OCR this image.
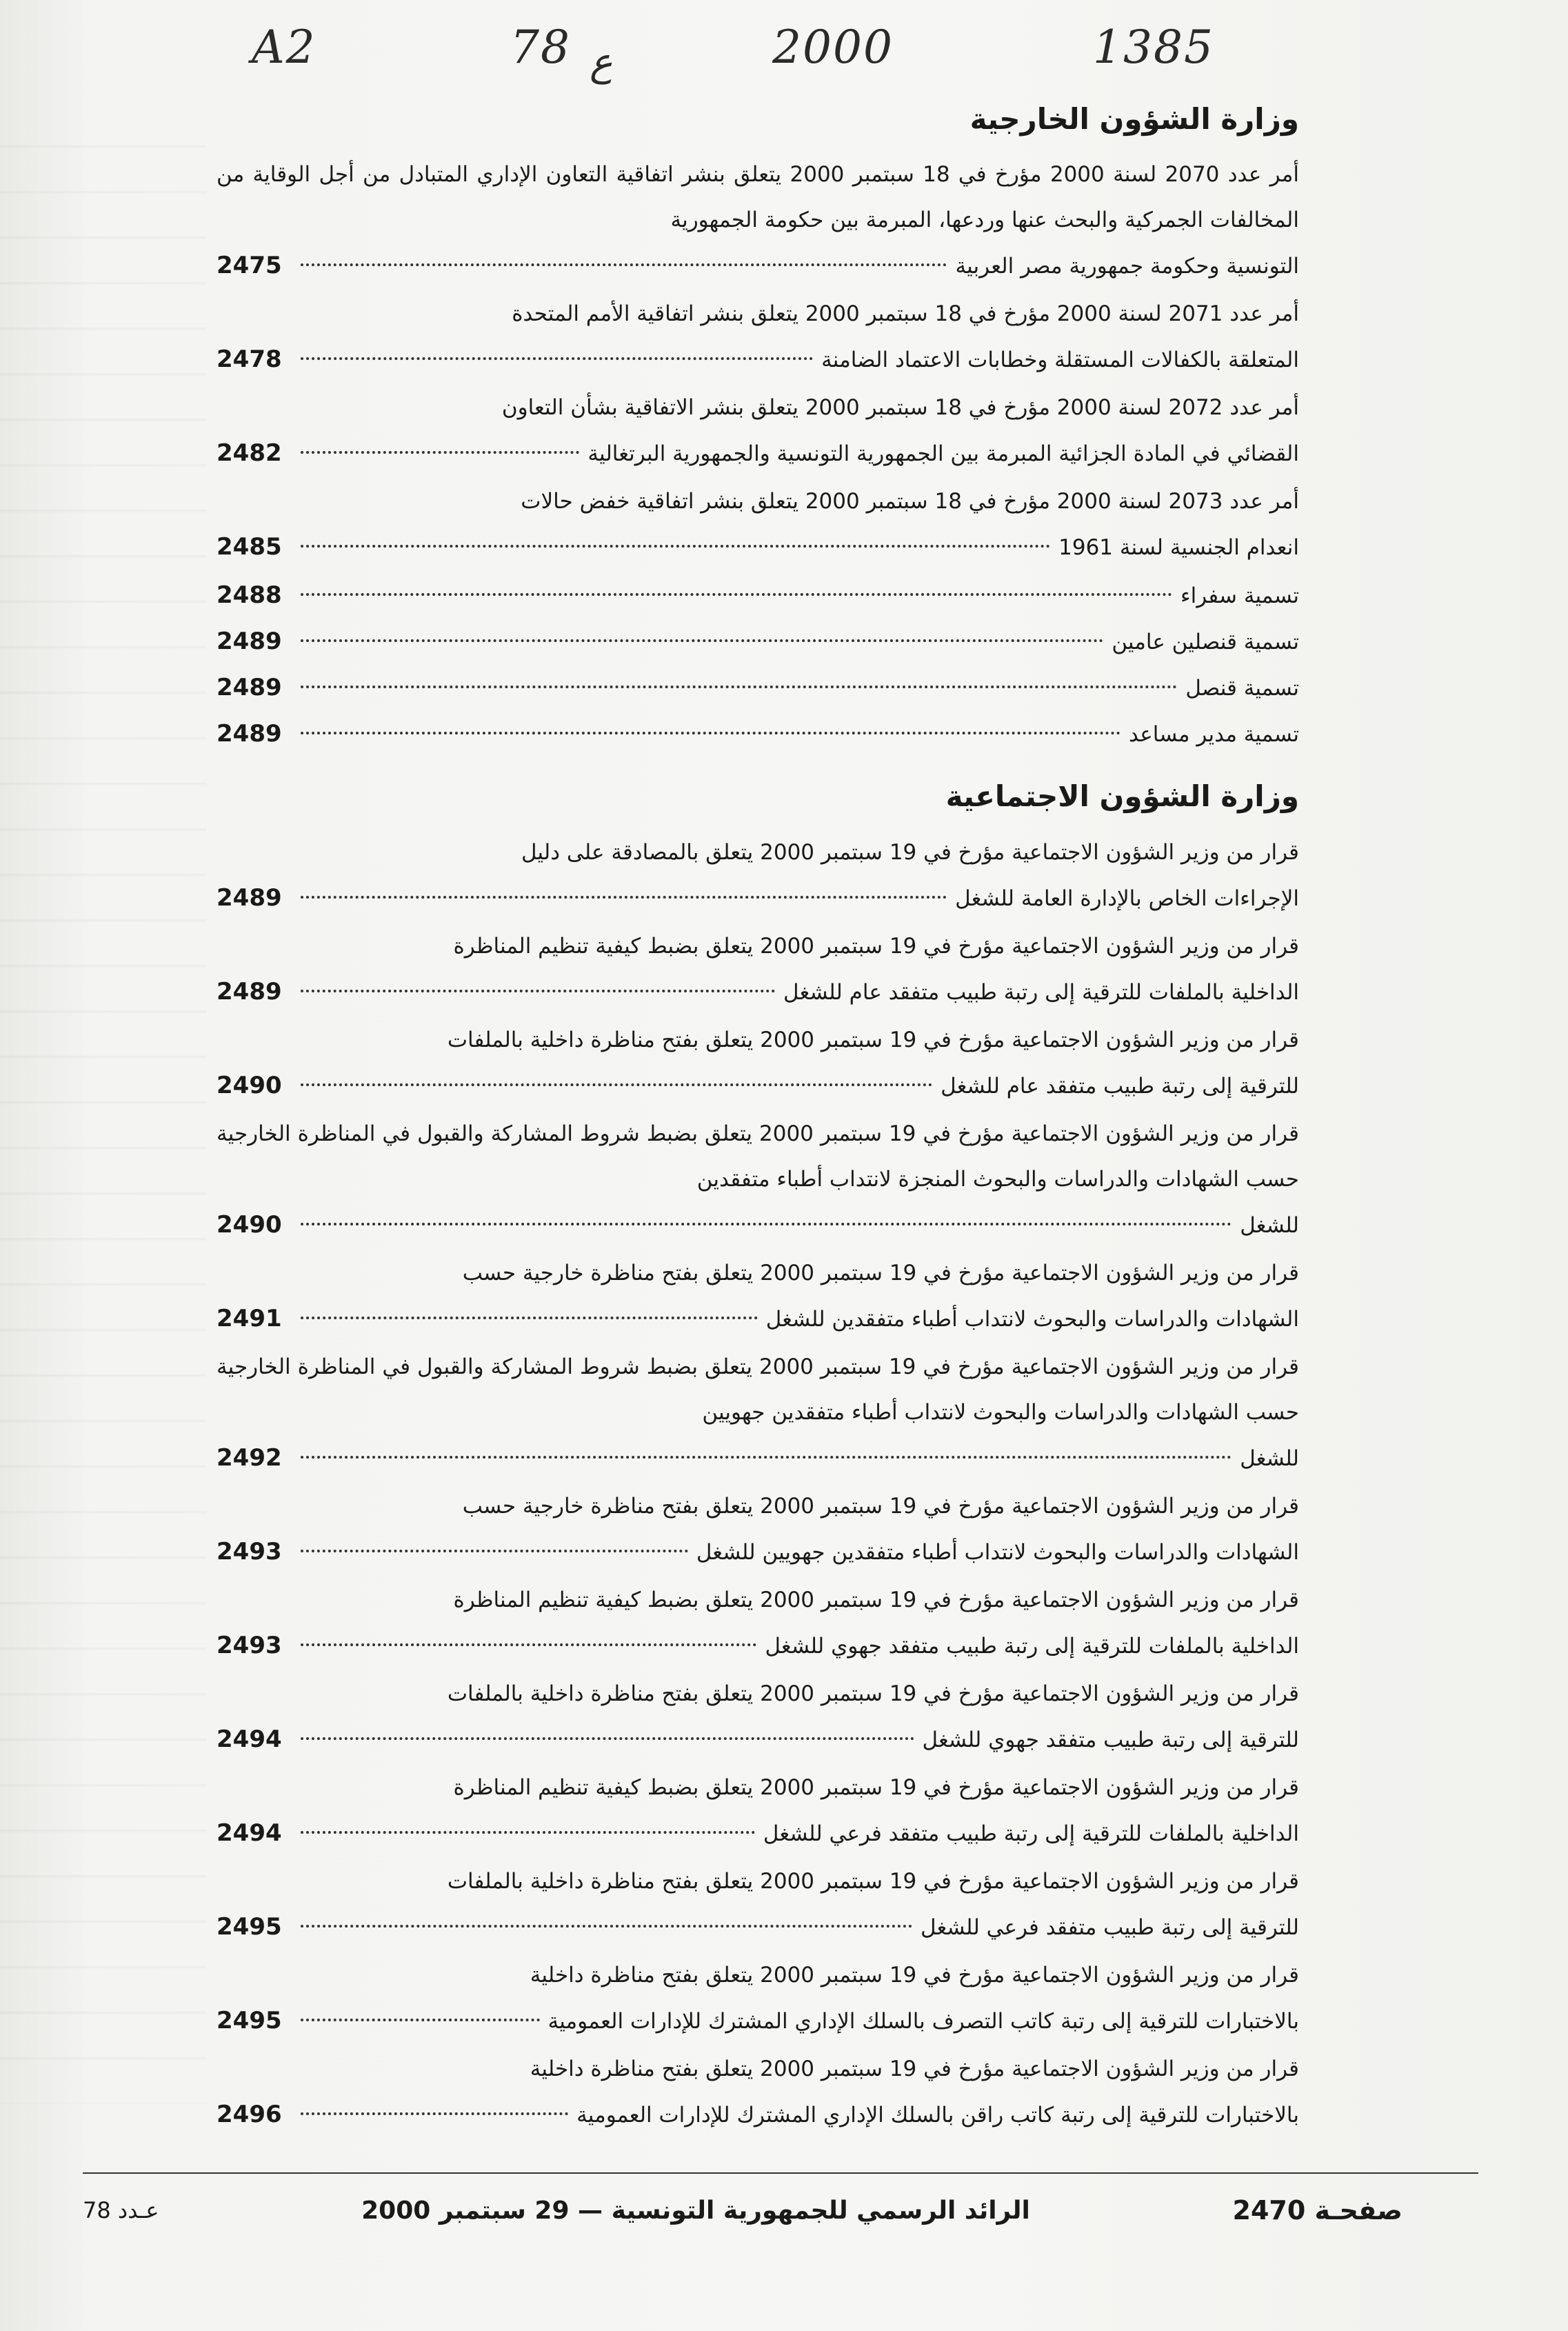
A2	78 ع	2000	1385
وزارة الشؤون الخارجية
أمر عدد 2070 لسنة 2000 مؤرخ في 18 سبتمبر 2000 يتعلق بنشر اتفاقية التعاون الإداري المتبادل من أجل الوقاية من المخالفات الجمركية والبحث عنها وردعها، المبرمة بين حكومة الجمهورية
التونسية وحكومة جمهورية مصر العربية
2475
أمر عدد 2071 لسنة 2000 مؤرخ في 18 سبتمبر 2000 يتعلق بنشر اتفاقية الأمم المتحدة
المتعلقة بالكفالات المستقلة وخطابات الاعتماد الضامنة
2478
أمر عدد 2072 لسنة 2000 مؤرخ في 18 سبتمبر 2000 يتعلق بنشر الاتفاقية بشأن التعاون
القضائي في المادة الجزائية المبرمة بين الجمهورية التونسية والجمهورية البرتغالية
2482
أمر عدد 2073 لسنة 2000 مؤرخ في 18 سبتمبر 2000 يتعلق بنشر اتفاقية خفض حالات
انعدام الجنسية لسنة 1961
2485
تسمية سفراء
2488
تسمية قنصلين عامين
2489
تسمية قنصل
2489
تسمية مدير مساعد
2489
وزارة الشؤون الاجتماعية
قرار من وزير الشؤون الاجتماعية مؤرخ في 19 سبتمبر 2000 يتعلق بالمصادقة على دليل
الإجراءات الخاص بالإدارة العامة للشغل
2489
قرار من وزير الشؤون الاجتماعية مؤرخ في 19 سبتمبر 2000 يتعلق بضبط كيفية تنظيم المناظرة
الداخلية بالملفات للترقية إلى رتبة طبيب متفقد عام للشغل
2489
قرار من وزير الشؤون الاجتماعية مؤرخ في 19 سبتمبر 2000 يتعلق بفتح مناظرة داخلية بالملفات
للترقية إلى رتبة طبيب متفقد عام للشغل
2490
قرار من وزير الشؤون الاجتماعية مؤرخ في 19 سبتمبر 2000 يتعلق بضبط شروط المشاركة والقبول في المناظرة الخارجية حسب الشهادات والدراسات والبحوث المنجزة لانتداب أطباء متفقدين
للشغل
2490
قرار من وزير الشؤون الاجتماعية مؤرخ في 19 سبتمبر 2000 يتعلق بفتح مناظرة خارجية حسب
الشهادات والدراسات والبحوث لانتداب أطباء متفقدين للشغل
2491
قرار من وزير الشؤون الاجتماعية مؤرخ في 19 سبتمبر 2000 يتعلق بضبط شروط المشاركة والقبول في المناظرة الخارجية حسب الشهادات والدراسات والبحوث لانتداب أطباء متفقدين جهويين
للشغل
2492
قرار من وزير الشؤون الاجتماعية مؤرخ في 19 سبتمبر 2000 يتعلق بفتح مناظرة خارجية حسب
الشهادات والدراسات والبحوث لانتداب أطباء متفقدين جهويين للشغل
2493
قرار من وزير الشؤون الاجتماعية مؤرخ في 19 سبتمبر 2000 يتعلق بضبط كيفية تنظيم المناظرة
الداخلية بالملفات للترقية إلى رتبة طبيب متفقد جهوي للشغل
2493
قرار من وزير الشؤون الاجتماعية مؤرخ في 19 سبتمبر 2000 يتعلق بفتح مناظرة داخلية بالملفات
للترقية إلى رتبة طبيب متفقد جهوي للشغل
2494
قرار من وزير الشؤون الاجتماعية مؤرخ في 19 سبتمبر 2000 يتعلق بضبط كيفية تنظيم المناظرة
الداخلية بالملفات للترقية إلى رتبة طبيب متفقد فرعي للشغل
2494
قرار من وزير الشؤون الاجتماعية مؤرخ في 19 سبتمبر 2000 يتعلق بفتح مناظرة داخلية بالملفات
للترقية إلى رتبة طبيب متفقد فرعي للشغل
2495
قرار من وزير الشؤون الاجتماعية مؤرخ في 19 سبتمبر 2000 يتعلق بفتح مناظرة داخلية
بالاختبارات للترقية إلى رتبة كاتب التصرف بالسلك الإداري المشترك للإدارات العمومية
2495
قرار من وزير الشؤون الاجتماعية مؤرخ في 19 سبتمبر 2000 يتعلق بفتح مناظرة داخلية
بالاختبارات للترقية إلى رتبة كاتب راقن بالسلك الإداري المشترك للإدارات العمومية
2496
صفحـة 2470
الرائد الرسمي للجمهورية التونسية — 29 سبتمبر 2000
عـدد 78
